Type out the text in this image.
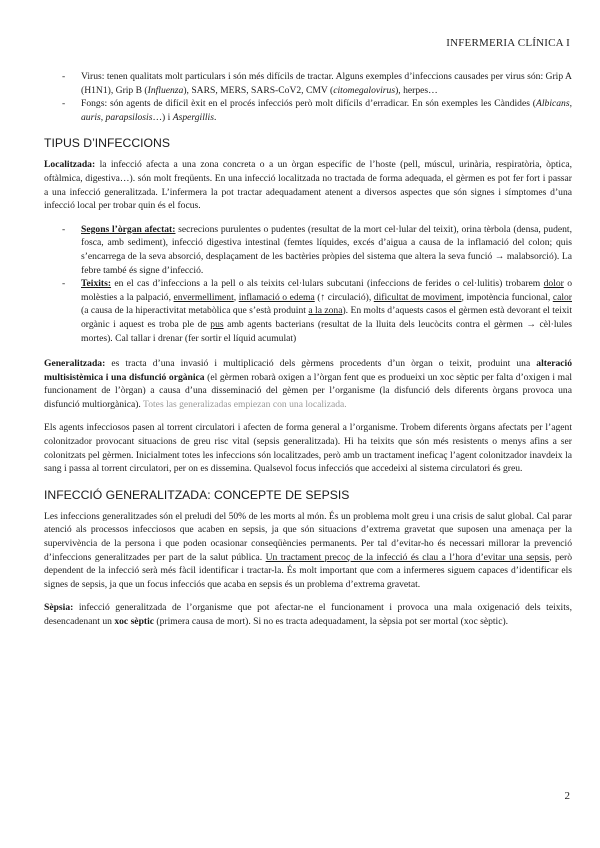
INFERMERIA CLÍNICA I
- Virus: tenen qualitats molt particulars i són més difícils de tractar. Alguns exemples d’infeccions causades per virus són: Grip A (H1N1), Grip B (Influenza), SARS, MERS, SARS-CoV2, CMV (citomegalovirus), herpes…
- Fongs: són agents de difícil èxit en el procés infecciós però molt difícils d’erradicar. En són exemples les Càndides (Albicans, auris, parapsilosis…) i Aspergillis.
TIPUS D’INFECCIONS

Localitzada: la infecció afecta a una zona concreta o a un òrgan específic de l’hoste (pell, múscul, urinària, respiratòria, òptica, oftàlmica, digestiva…). són molt freqüents. En una infecció localitzada no tractada de forma adequada, el gèrmen es pot fer fort i passar a una infecció generalitzada. L’infermera la pot tractar adequadament atenent a diversos aspectes que són signes i símptomes d’una infecció local per trobar quin és el focus.

- Segons l’òrgan afectat: secrecions purulentes o pudentes (resultat de la mort cel·lular del teixit), orina tèrbola (densa, pudent, fosca, amb sediment), infecció digestiva intestinal (femtes líquides, excés d’aigua a causa de la inflamació del colon; quis s’encarrega de la seva absorció, desplaçament de les bactèries pròpies del sistema que altera la seva funció → malabsorció). La febre també és signe d’infecció.
- Teixits: en el cas d’infeccions a la pell o als teixits cel·lulars subcutani (infeccions de ferides o cel·lulitis) trobarem dolor o molèsties a la palpació, envermelliment, inflamació o edema (↑ circulació), dificultat de moviment, impotència funcional, calor (a causa de la hiperactivitat metabòlica que s’està produint a la zona). En molts d’aquests casos el gèrmen està devorant el teixit orgànic i aquest es troba ple de pus amb agents bacterians (resultat de la lluita dels leucòcits contra el gèrmen → cèl·lules mortes). Cal tallar i drenar (fer sortir el líquid acumulat)

Generalitzada: es tracta d’una invasió i multiplicació dels gèrmens procedents d’un òrgan o teixit, produint una alteració multisistèmica i una disfunció orgànica (el gèrmen robarà oxigen a l’òrgan fent que es produeixi un xoc sèptic per falta d’oxigen i mal funcionament de l’òrgan) a causa d’una disseminació del gèmen per l’organisme (la disfunció dels diferents òrgans provoca una disfunció multiorgànica). Totes las generalizadas empiezan con una localizada.

Els agents infecciosos pasen al torrent circulatori i afecten de forma general a l’organisme. Trobem diferents òrgans afectats per l’agent colonitzador provocant situacions de greu risc vital (sepsis generalitzada). Hi ha teixits que són més resistents o menys afins a ser colonitzats pel gèrmen. Inicialment totes les infeccions són localitzades, però amb un tractament ineficaç l’agent colonitzador inavdeix la sang i passa al torrent circulatori, per on es dissemina. Qualsevol focus infecciós que accedeixi al sistema circulatori és greu.

INFECCIÓ GENERALITZADA: CONCEPTE DE SEPSIS

Les infeccions generalitzades són el preludi del 50% de les morts al món. És un problema molt greu i una crisis de salut global. Cal parar atenció als processos infecciosos que acaben en sepsis, ja que són situacions d’extrema gravetat que suposen una amenaça per la supervivència de la persona i que poden ocasionar conseqüències permanents. Per tal d’evitar-ho és necessari millorar la prevenció d’infeccions generalitzades per part de la salut pública. Un tractament precoç de la infecció és clau a l’hora d’evitar una sepsis, però dependent de la infecció serà més fàcil identificar i tractar-la. És molt important que com a infermeres siguem capaces d’identificar els signes de sepsis, ja que un focus infecciós que acaba en sepsis és un problema d’extrema gravetat.

Sèpsia: infecció generalitzada de l’organisme que pot afectar-ne el funcionament i provoca una mala oxigenació dels teixits, desencadenant un xoc sèptic (primera causa de mort). Si no es tracta adequadament, la sèpsia pot ser mortal (xoc sèptic).

2
